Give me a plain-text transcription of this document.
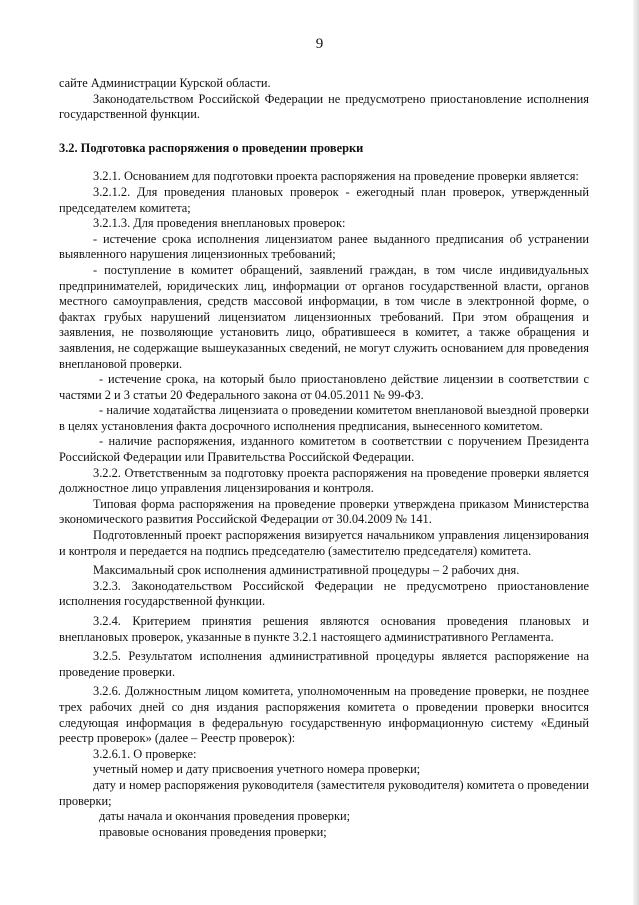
9

сайте Администрации Курской области.

Законодательством Российской Федерации не предусмотрено приостановление исполнения государственной функции.

3.2. Подготовка распоряжения о проведении проверки

3.2.1. Основанием для подготовки проекта распоряжения на проведение проверки является:

3.2.1.2. Для проведения плановых проверок - ежегодный план проверок, утвержденный председателем комитета;

3.2.1.3. Для проведения внеплановых проверок:

- истечение срока исполнения лицензиатом ранее выданного предписания об устранении выявленного нарушения лицензионных требований;

- поступление в комитет обращений, заявлений граждан, в том числе индивидуальных предпринимателей, юридических лиц, информации от органов государственной власти, органов местного самоуправления, средств массовой информации, в том числе в электронной форме, о фактах грубых нарушений лицензиатом лицензионных требований. При этом обращения и заявления, не позволяющие установить лицо, обратившееся в комитет, а также обращения и заявления, не содержащие вышеуказанных сведений, не могут служить основанием для проведения внеплановой проверки.

- истечение срока, на который было приостановлено действие лицензии в соответствии с частями 2 и 3 статьи 20 Федерального закона от 04.05.2011 № 99-ФЗ.

- наличие ходатайства лицензиата о проведении комитетом внеплановой выездной проверки в целях установления факта досрочного исполнения предписания, вынесенного комитетом.

- наличие распоряжения, изданного комитетом в соответствии с поручением Президента Российской Федерации или Правительства Российской Федерации.

3.2.2. Ответственным за подготовку проекта распоряжения на проведение проверки является должностное лицо управления лицензирования и контроля.

Типовая форма распоряжения на проведение проверки утверждена приказом Министерства экономического развития Российской Федерации от 30.04.2009 № 141.

Подготовленный проект распоряжения визируется начальником управления лицензирования и контроля и передается на подпись председателю (заместителю председателя) комитета.

Максимальный срок исполнения административной процедуры – 2 рабочих дня.

3.2.3. Законодательством Российской Федерации не предусмотрено приостановление исполнения государственной функции.

3.2.4. Критерием принятия решения являются основания проведения плановых и внеплановых проверок, указанные в пункте 3.2.1 настоящего административного Регламента.

3.2.5. Результатом исполнения административной процедуры является распоряжение на проведение проверки.

3.2.6. Должностным лицом комитета, уполномоченным на проведение проверки, не позднее трех рабочих дней со дня издания распоряжения комитета о проведении проверки вносится следующая информация в федеральную государственную информационную систему «Единый реестр проверок» (далее – Реестр проверок):

3.2.6.1. О проверке:

учетный номер и дату присвоения учетного номера проверки;

дату и номер распоряжения руководителя (заместителя руководителя) комитета о проведении проверки;

даты начала и окончания проведения проверки;

правовые основания проведения проверки;
